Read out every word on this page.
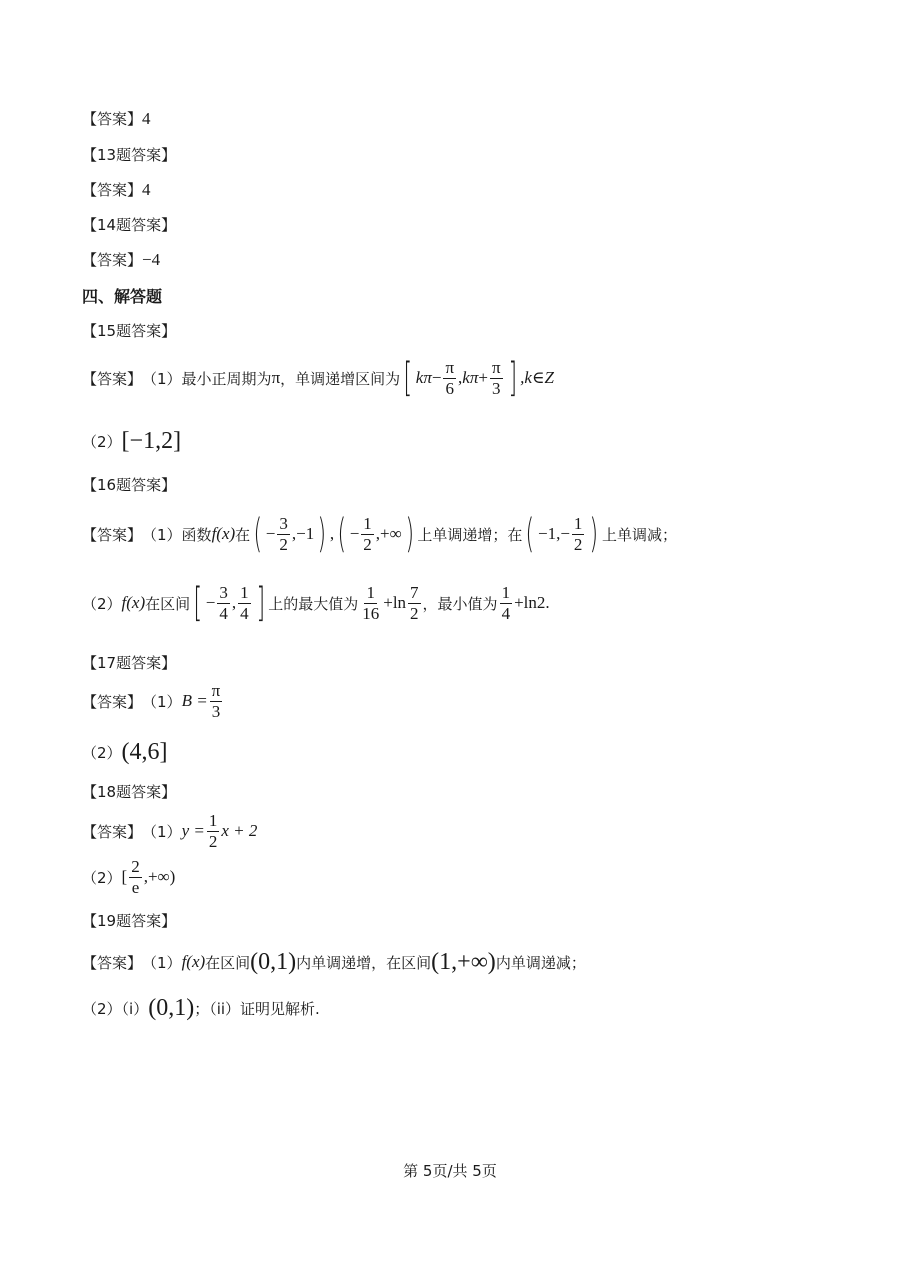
【答案】 4
【13题答案】
【答案】 4
【14题答案】
【答案】 −4
四、解答题
【15题答案】
【答案】 （1）最小正周期为 π ，单调递增区间为 [ $k\pi - \frac{\pi}{6}$ , $k\pi + \frac{\pi}{3}$ ] ,k∈Z
（2） [−1,2]
【16题答案】
【答案】 （1）函数 f(x) 在 ( − $\frac{3}{2} ,-1$ ) , ( − $\frac{1}{2}$ ,+∞ ) 上单调递增；在 ( $-1,- \frac{1}{2}$ ) 上单调减；
（2） f(x) 在区间 [ − $\frac{3}{4}$ , $\frac{1}{4}$ ] 上的最大值为 $\frac{1}{16} +\ln \frac{7}{2}$ ，最小值为 $\frac{1}{4} +\ln 2$.
【17题答案】
【答案】 （1） $B = \frac{\pi}{3}$
（2） (4,6]
【18题答案】
【答案】 （1） $y = \frac{1}{2}$ x + 2
（2） [ $\frac{2}{e}$ ,+∞)
【19题答案】
【答案】 （1） f(x) 在区间 (0,1) 内单调递增，在区间 (1,+∞) 内单调递减；
（2）（i） (0,1) ；（ii）证明见解析.
第 5页/共 5页
